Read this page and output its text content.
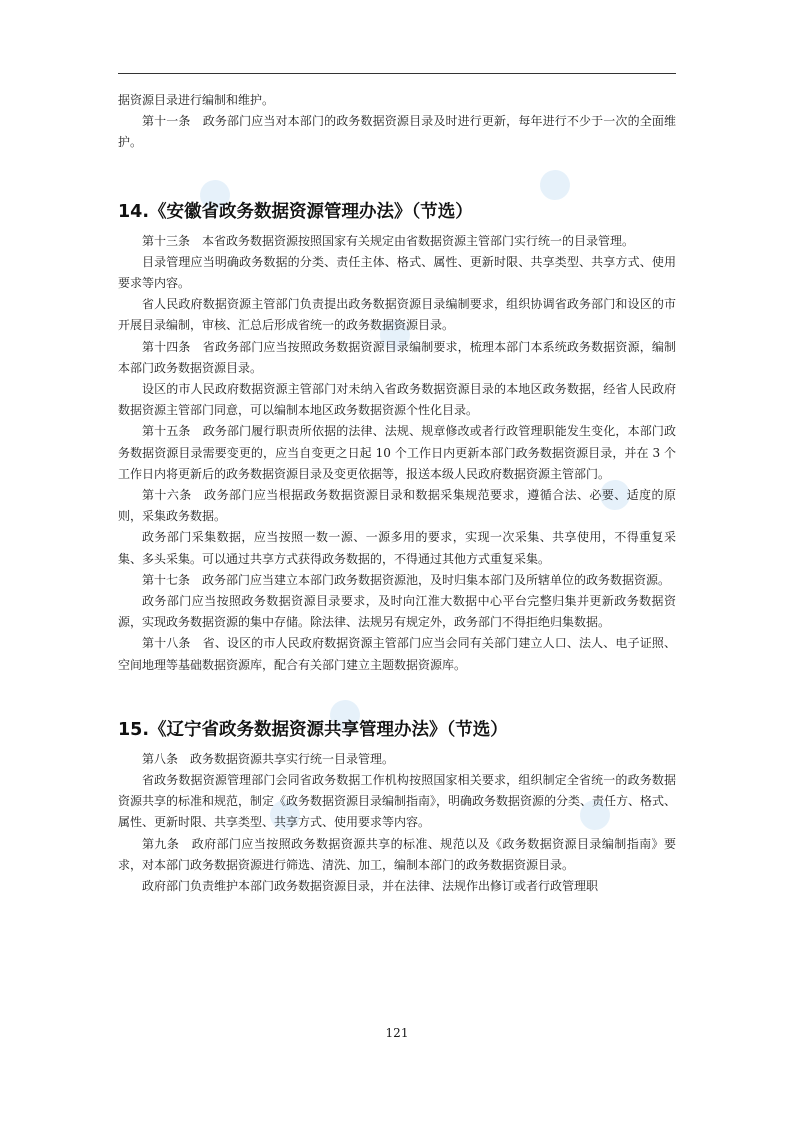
据资源目录进行编制和维护。

第十一条　政务部门应当对本部门的政务数据资源目录及时进行更新，每年进行不少于一次的全面维护。

14.《安徽省政务数据资源管理办法》（节选）

第十三条　本省政务数据资源按照国家有关规定由省数据资源主管部门实行统一的目录管理。

目录管理应当明确政务数据的分类、责任主体、格式、属性、更新时限、共享类型、共享方式、使用要求等内容。

省人民政府数据资源主管部门负责提出政务数据资源目录编制要求，组织协调省政务部门和设区的市开展目录编制，审核、汇总后形成省统一的政务数据资源目录。

第十四条　省政务部门应当按照政务数据资源目录编制要求，梳理本部门本系统政务数据资源，编制本部门政务数据资源目录。

设区的市人民政府数据资源主管部门对未纳入省政务数据资源目录的本地区政务数据，经省人民政府数据资源主管部门同意，可以编制本地区政务数据资源个性化目录。

第十五条　政务部门履行职责所依据的法律、法规、规章修改或者行政管理职能发生变化，本部门政务数据资源目录需要变更的，应当自变更之日起 10 个工作日内更新本部门政务数据资源目录，并在 3 个工作日内将更新后的政务数据资源目录及变更依据等，报送本级人民政府数据资源主管部门。

第十六条　政务部门应当根据政务数据资源目录和数据采集规范要求，遵循合法、必要、适度的原则，采集政务数据。

政务部门采集数据，应当按照一数一源、一源多用的要求，实现一次采集、共享使用，不得重复采集、多头采集。可以通过共享方式获得政务数据的，不得通过其他方式重复采集。

第十七条　政务部门应当建立本部门政务数据资源池，及时归集本部门及所辖单位的政务数据资源。

政务部门应当按照政务数据资源目录要求，及时向江淮大数据中心平台完整归集并更新政务数据资源，实现政务数据资源的集中存储。除法律、法规另有规定外，政务部门不得拒绝归集数据。

第十八条　省、设区的市人民政府数据资源主管部门应当会同有关部门建立人口、法人、电子证照、空间地理等基础数据资源库，配合有关部门建立主题数据资源库。

15.《辽宁省政务数据资源共享管理办法》（节选）

第八条　政务数据资源共享实行统一目录管理。

省政务数据资源管理部门会同省政务数据工作机构按照国家相关要求，组织制定全省统一的政务数据资源共享的标准和规范，制定《政务数据资源目录编制指南》，明确政务数据资源的分类、责任方、格式、属性、更新时限、共享类型、共享方式、使用要求等内容。

第九条　政府部门应当按照政务数据资源共享的标准、规范以及《政务数据资源目录编制指南》要求，对本部门政务数据资源进行筛选、清洗、加工，编制本部门的政务数据资源目录。

政府部门负责维护本部门政务数据资源目录，并在法律、法规作出修订或者行政管理职

121
